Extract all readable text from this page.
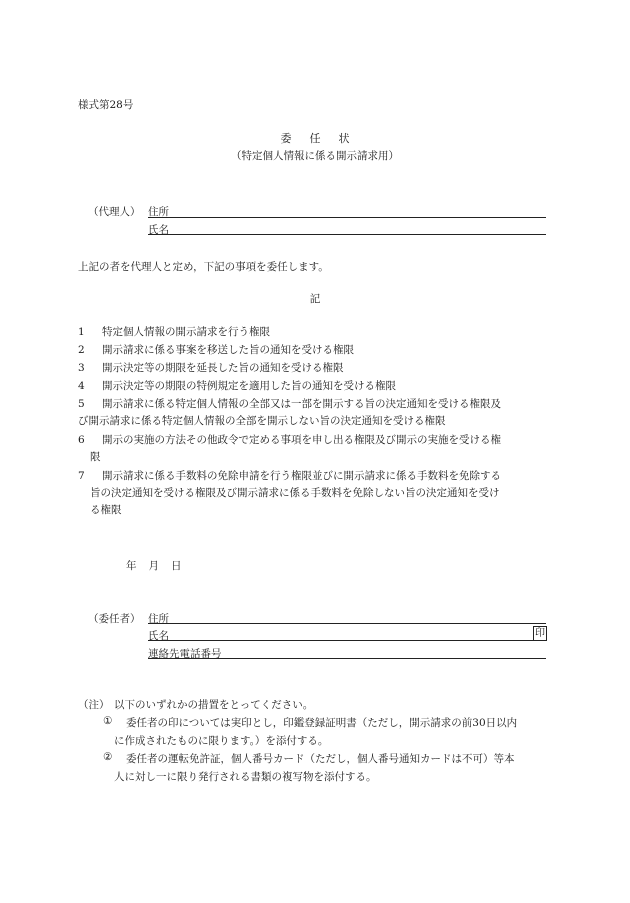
様式第28号
委 任 状
（特定個人情報に係る開示請求用）
（代理人） 住所
氏名
上記の者を代理人と定め，下記の事項を委任します。
記
1	特定個人情報の開示請求を行う権限
2	開示請求に係る事案を移送した旨の通知を受ける権限
3	開示決定等の期限を延長した旨の通知を受ける権限
4	開示決定等の期限の特例規定を適用した旨の通知を受ける権限
5	開示請求に係る特定個人情報の全部又は一部を開示する旨の決定通知を受ける権限及
び開示請求に係る特定個人情報の全部を開示しない旨の決定通知を受ける権限
6	開示の実施の方法その他政令で定める事項を申し出る権限及び開示の実施を受ける権
限
7	開示請求に係る手数料の免除申請を行う権限並びに開示請求に係る手数料を免除する
旨の決定通知を受ける権限及び開示請求に係る手数料を免除しない旨の決定通知を受け
る権限
年 月 日
（委任者） 住所
氏名	印
連絡先電話番号
（注） 以下のいずれかの措置をとってください。
① 委任者の印については実印とし，印鑑登録証明書（ただし，開示請求の前30日以内
に作成されたものに限ります。）を添付する。
② 委任者の運転免許証，個人番号カード（ただし，個人番号通知カードは不可）等本
人に対し一に限り発行される書類の複写物を添付する。
